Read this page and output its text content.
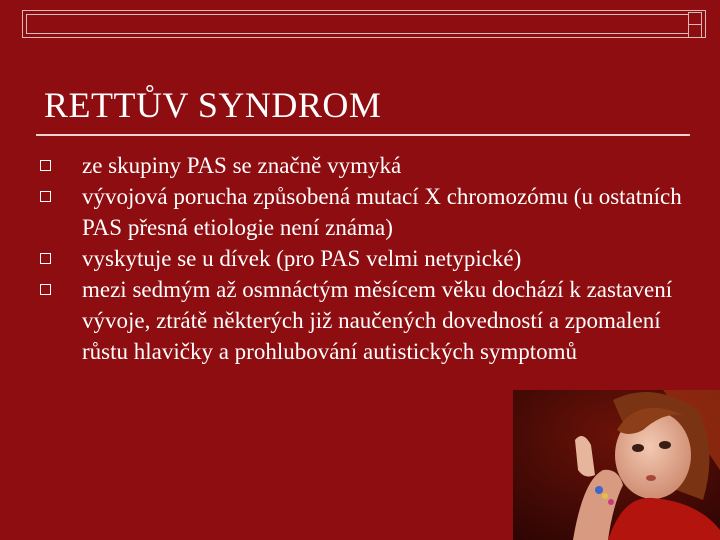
RETTŮV SYNDROM
ze skupiny PAS se značně vymyká
vývojová porucha způsobená mutací X chromozómu (u ostatních PAS přesná etiologie není známa)
vyskytuje se u dívek (pro PAS velmi netypické)
mezi sedmým až osmnáctým měsícem věku dochází k zastavení vývoje, ztrátě některých již naučených dovedností a zpomalení růstu hlavičky a prohlubování autistických symptomů
